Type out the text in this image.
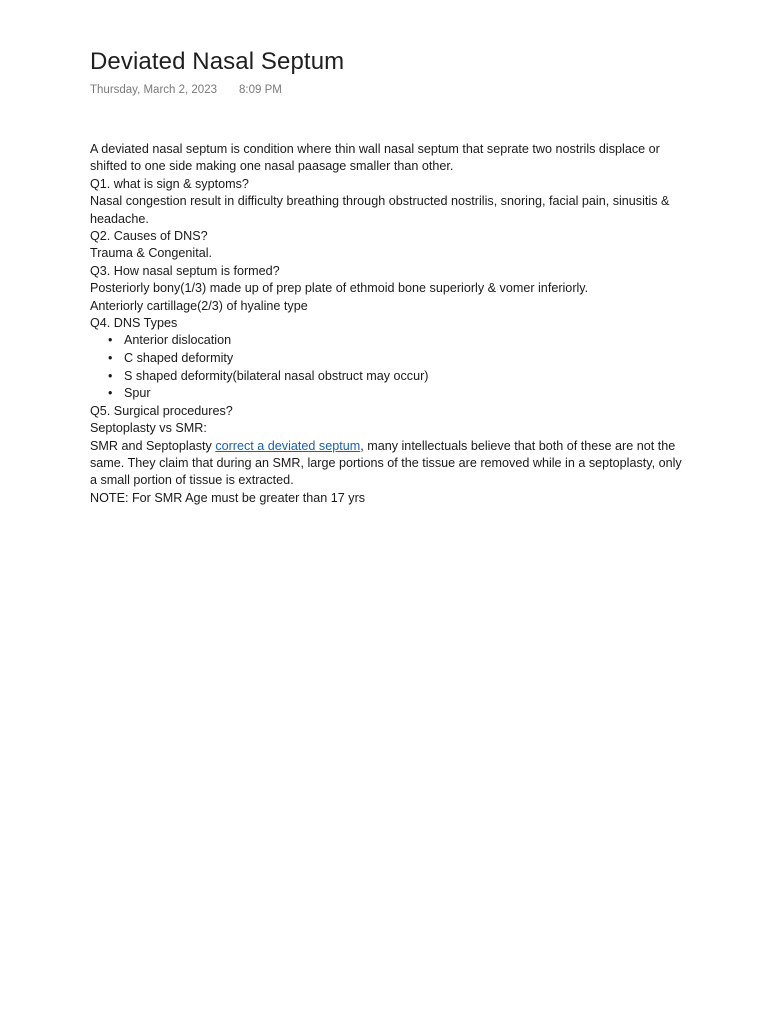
Deviated Nasal Septum
Thursday, March 2, 2023 8:09 PM

A deviated nasal septum is condition where thin wall nasal septum that seprate two nostrils displace or shifted to one side making one nasal paasage smaller than other.

Q1. what is sign & syptoms?

Nasal congestion result in difficulty breathing through obstructed nostrilis, snoring, facial pain, sinusitis & headache.

Q2. Causes of DNS?

Trauma & Congenital.

Q3. How nasal septum is formed?

Posteriorly bony(1/3) made up of prep plate of ethmoid bone superiorly & vomer inferiorly.

Anteriorly cartillage(2/3) of hyaline type

Q4. DNS Types

• Anterior dislocation
• C shaped deformity
• S shaped deformity(bilateral nasal obstruct may occur)
• Spur

Q5. Surgical procedures?

Septoplasty vs SMR:

SMR and Septoplasty correct a deviated septum, many intellectuals believe that both of these are not the same. They claim that during an SMR, large portions of the tissue are removed while in a septoplasty, only a small portion of tissue is extracted.

NOTE: For SMR Age must be greater than 17 yrs
